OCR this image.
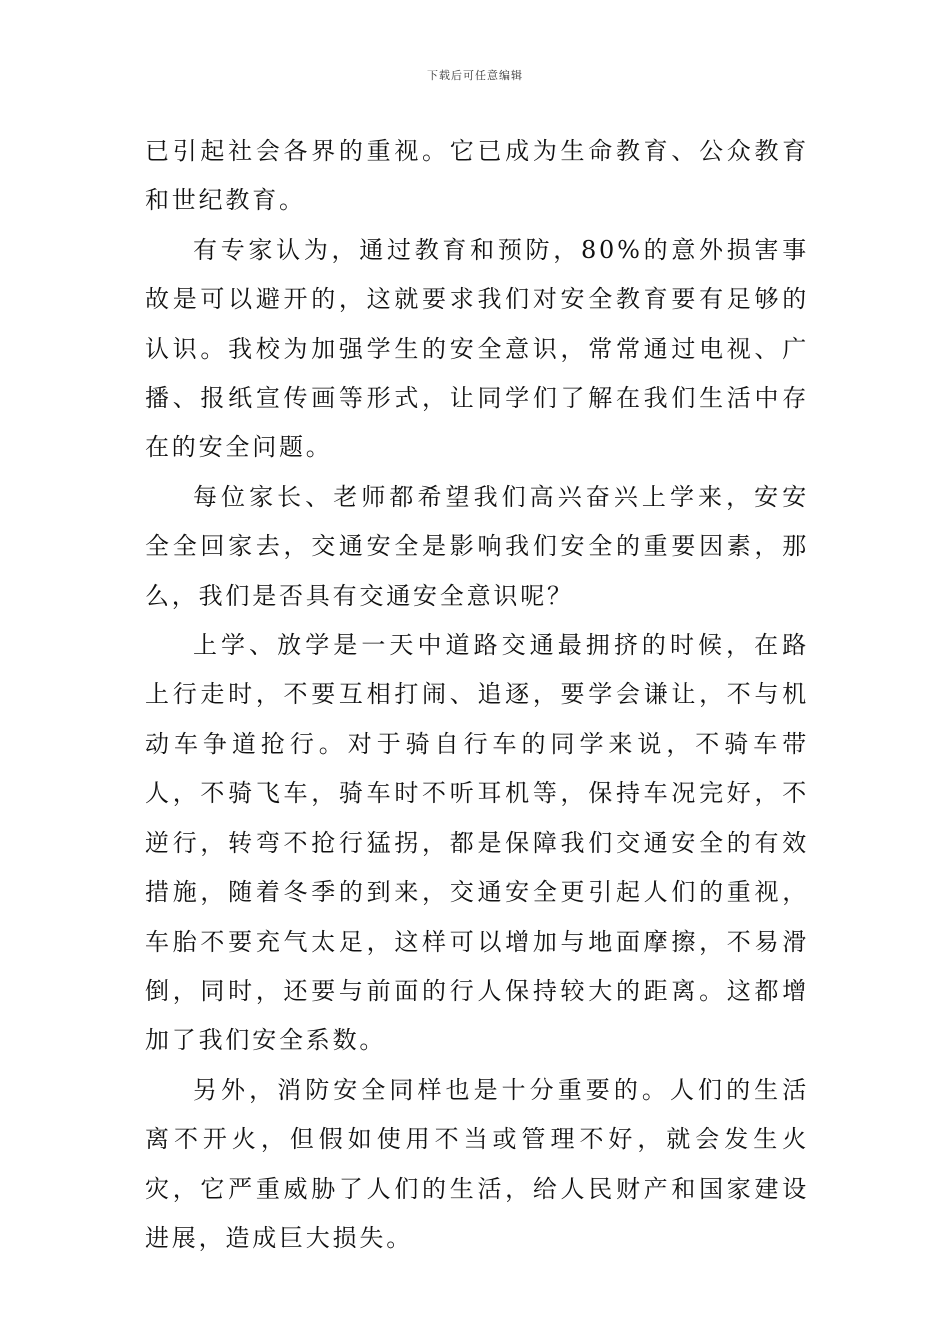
下载后可任意编辑

已引起社会各界的重视。它已成为生命教育、公众教育和世纪教育。

有专家认为，通过教育和预防，80%的意外损害事故是可以避开的，这就要求我们对安全教育要有足够的认识。我校为加强学生的安全意识，常常通过电视、广播、报纸宣传画等形式，让同学们了解在我们生活中存在的安全问题。

每位家长、老师都希望我们高兴奋兴上学来，安安全全回家去，交通安全是影响我们安全的重要因素，那么，我们是否具有交通安全意识呢？

上学、放学是一天中道路交通最拥挤的时候，在路上行走时，不要互相打闹、追逐，要学会谦让，不与机动车争道抢行。对于骑自行车的同学来说，不骑车带人，不骑飞车，骑车时不听耳机等，保持车况完好，不逆行，转弯不抢行猛拐，都是保障我们交通安全的有效措施，随着冬季的到来，交通安全更引起人们的重视，车胎不要充气太足，这样可以增加与地面摩擦，不易滑倒，同时，还要与前面的行人保持较大的距离。这都增加了我们安全系数。

另外，消防安全同样也是十分重要的。人们的生活离不开火，但假如使用不当或管理不好，就会发生火灾，它严重威胁了人们的生活，给人民财产和国家建设进展，造成巨大损失。
